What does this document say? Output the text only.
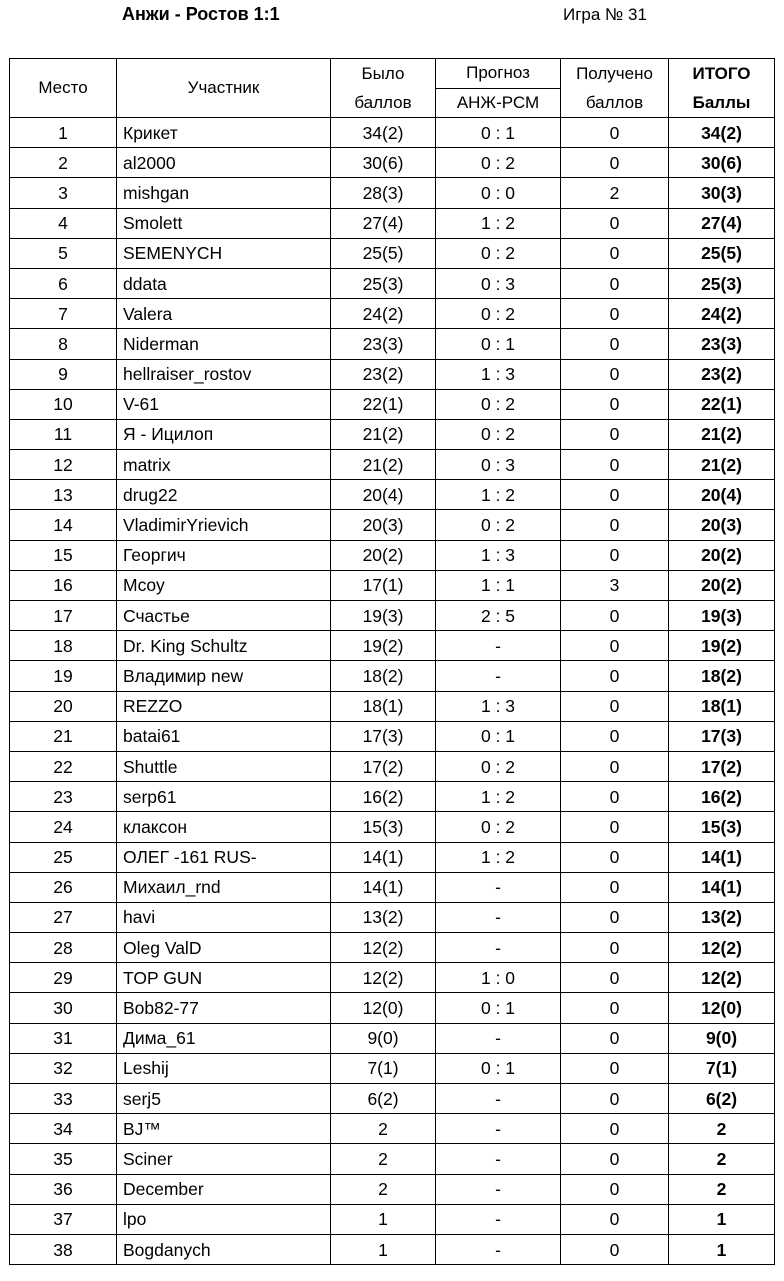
Анжи - Ростов 1:1	Игра № 31
Место	Участник	Было	Прогноз	Получено	ИТОГО
		баллов	АНЖ-РСМ	баллов	Баллы
1	Крикет	34(2)	0 : 1	0	34(2)
2	al2000	30(6)	0 : 2	0	30(6)
3	mishgan	28(3)	0 : 0	2	30(3)
4	Smolett	27(4)	1 : 2	0	27(4)
5	SEMENYCH	25(5)	0 : 2	0	25(5)
6	ddata	25(3)	0 : 3	0	25(3)
7	Valera	24(2)	0 : 2	0	24(2)
8	Niderman	23(3)	0 : 1	0	23(3)
9	hellraiser_rostov	23(2)	1 : 3	0	23(2)
10	V-61	22(1)	0 : 2	0	22(1)
11	Я - Ицилоп	21(2)	0 : 2	0	21(2)
12	matrix	21(2)	0 : 3	0	21(2)
13	drug22	20(4)	1 : 2	0	20(4)
14	VladimirYrievich	20(3)	0 : 2	0	20(3)
15	Георгич	20(2)	1 : 3	0	20(2)
16	Mcoy	17(1)	1 : 1	3	20(2)
17	Счастье	19(3)	2 : 5	0	19(3)
18	Dr. King Schultz	19(2)	-	0	19(2)
19	Владимир new	18(2)	-	0	18(2)
20	REZZO	18(1)	1 : 3	0	18(1)
21	batai61	17(3)	0 : 1	0	17(3)
22	Shuttle	17(2)	0 : 2	0	17(2)
23	serp61	16(2)	1 : 2	0	16(2)
24	клаксон	15(3)	0 : 2	0	15(3)
25	ОЛЕГ -161 RUS-	14(1)	1 : 2	0	14(1)
26	Михаил_rnd	14(1)	-	0	14(1)
27	havi	13(2)	-	0	13(2)
28	Oleg ValD	12(2)	-	0	12(2)
29	TOP GUN	12(2)	1 : 0	0	12(2)
30	Bob82-77	12(0)	0 : 1	0	12(0)
31	Дима_61	9(0)	-	0	9(0)
32	Leshij	7(1)	0 : 1	0	7(1)
33	serj5	6(2)	-	0	6(2)
34	BJ™	2	-	0	2
35	Sciner	2	-	0	2
36	December	2	-	0	2
37	lpo	1	-	0	1
38	Bogdanych	1	-	0	1
